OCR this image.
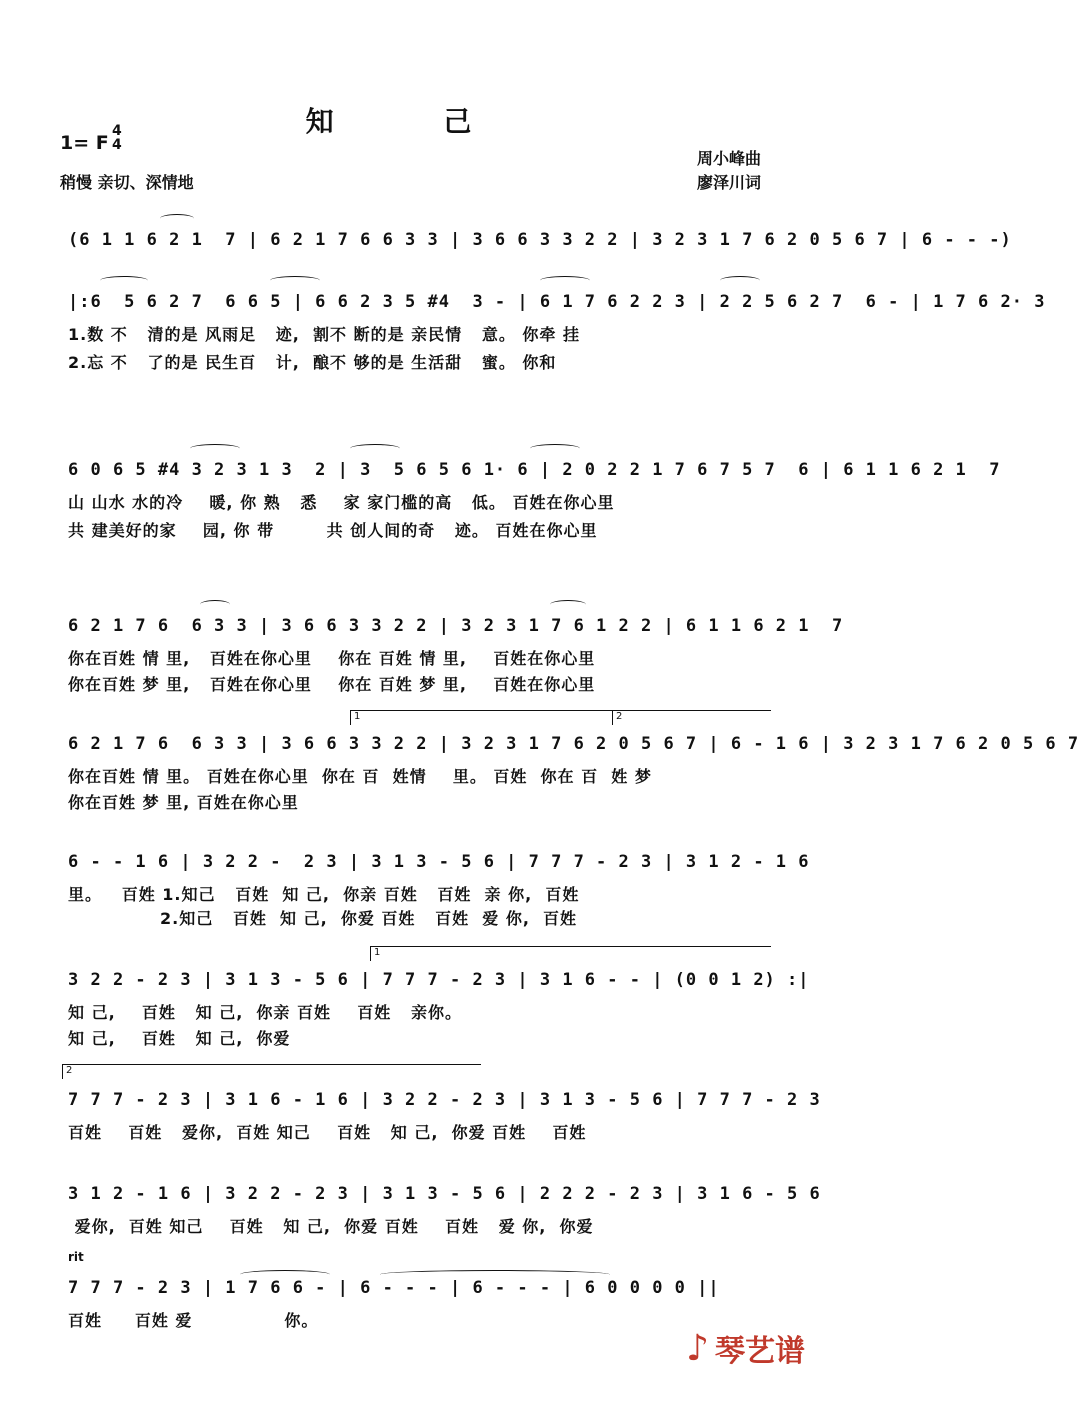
知 己
1= F
4
4
稍慢 亲切、深情地
周小峰曲
廖泽川词
(6 1 1 6 2 1  7 | 6 2 1 7 6 6 3 3 | 3 6 6 3 3 2 2 | 3 2 3 1 7 6 2 0 5 6 7 | 6 - - -)
|:6  5 6 2 7  6 6 5 | 6 6 2 3 5 #4  3 - | 6 1 7 6 2 2 3 | 2 2 5 6 2 7  6 - | 1 7 6 2· 3
1.数 不   清的是 风雨足   迹,  割不 断的是 亲民情   意。 你牵 挂
2.忘 不   了的是 民生百   计,  酿不 够的是 生活甜   蜜。 你和
6 0 6 5 #4 3 2 3 1 3  2 | 3  5 6 5 6 1· 6 | 2 0 2 2 1 7 6 7 5 7  6 | 6 1 1 6 2 1  7
山 山水 水的冷    暖, 你 熟   悉    家 家门槛的高   低。 百姓在你心里
共 建美好的家    园, 你 带        共 创人间的奇   迹。 百姓在你心里
6 2 1 7 6  6 3 3 | 3 6 6 3 3 2 2 | 3 2 3 1 7 6 1 2 2 | 6 1 1 6 2 1  7
你在百姓 情 里,   百姓在你心里    你在 百姓 情 里,    百姓在你心里
你在百姓 梦 里,   百姓在你心里    你在 百姓 梦 里,    百姓在你心里
1	2
6 2 1 7 6  6 3 3 | 3 6 6 3 3 2 2 | 3 2 3 1 7 6 2 0 5 6 7 | 6 - 1 6 | 3 2 3 1 7 6 2 0 5 6 7
你在百姓 情 里。 百姓在你心里  你在 百  姓情    里。 百姓  你在 百  姓 梦
你在百姓 梦 里, 百姓在你心里
6 - - 1 6 | 3 2 2 -  2 3 | 3 1 3 - 5 6 | 7 7 7 - 2 3 | 3 1 2 - 1 6
里。   百姓 1.知己   百姓  知 己,  你亲 百姓   百姓  亲 你,  百姓
2.知己   百姓  知 己,  你爱 百姓   百姓  爱 你,  百姓
1
3 2 2 - 2 3 | 3 1 3 - 5 6 | 7 7 7 - 2 3 | 3 1 6 - - | (0 0 1 2) :|
知 己,    百姓   知 己,  你亲 百姓    百姓   亲你。
知 己,    百姓   知 己,  你爱
2
7 7 7 - 2 3 | 3 1 6 - 1 6 | 3 2 2 - 2 3 | 3 1 3 - 5 6 | 7 7 7 - 2 3
百姓    百姓   爱你,  百姓 知己    百姓   知 己,  你爱 百姓    百姓
3 1 2 - 1 6 | 3 2 2 - 2 3 | 3 1 3 - 5 6 | 2 2 2 - 2 3 | 3 1 6 - 5 6
爱你,  百姓 知己    百姓   知 己,  你爱 百姓    百姓   爱 你,  你爱
rit
7 7 7 - 2 3 | 1 7 6 6 - | 6 - - - | 6 - - - | 6 0 0 0 0 ||
百姓     百姓 爱              你。
♪ 琴艺谱
